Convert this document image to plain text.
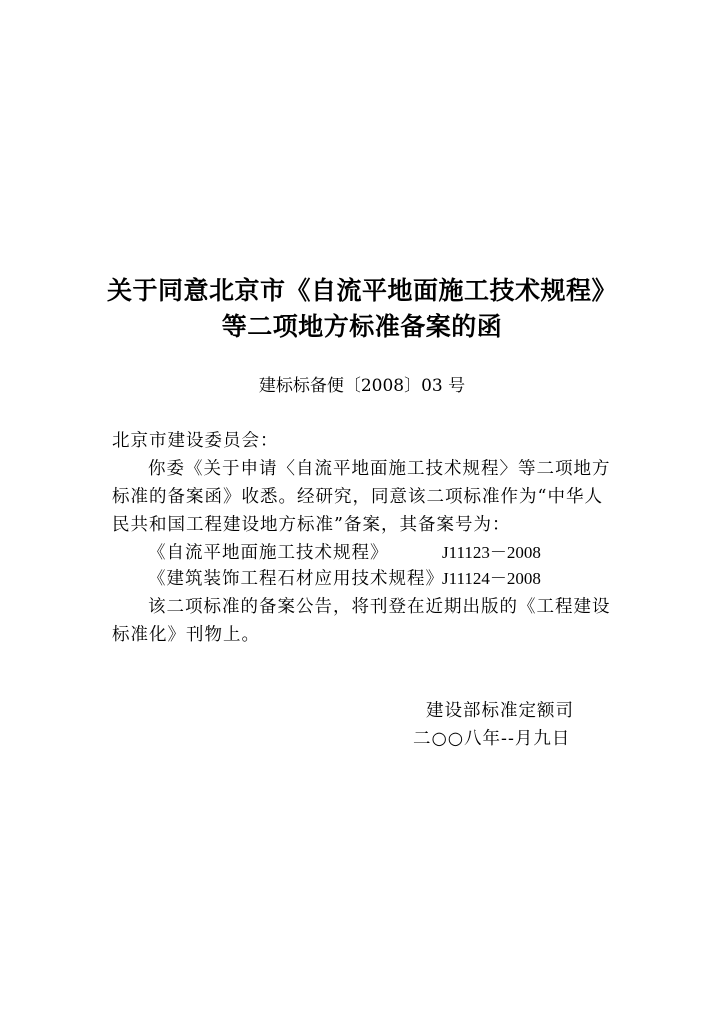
关于同意北京市《自流平地面施工技术规程》
等二项地方标准备案的函
建标标备便〔2008〕03 号
北京市建设委员会：
你委《关于申请〈自流平地面施工技术规程〉等二项地方
标准的备案函》收悉。经研究，同意该二项标准作为“中华人
民共和国工程建设地方标准”备案，其备案号为：
《自流平地面施工技术规程》	J11123－2008
《建筑装饰工程石材应用技术规程》
J11124－2008
该二项标准的备案公告，将刊登在近期出版的《工程建设
标准化》刊物上。
建设部标准定额司
二○○八年--月九日
